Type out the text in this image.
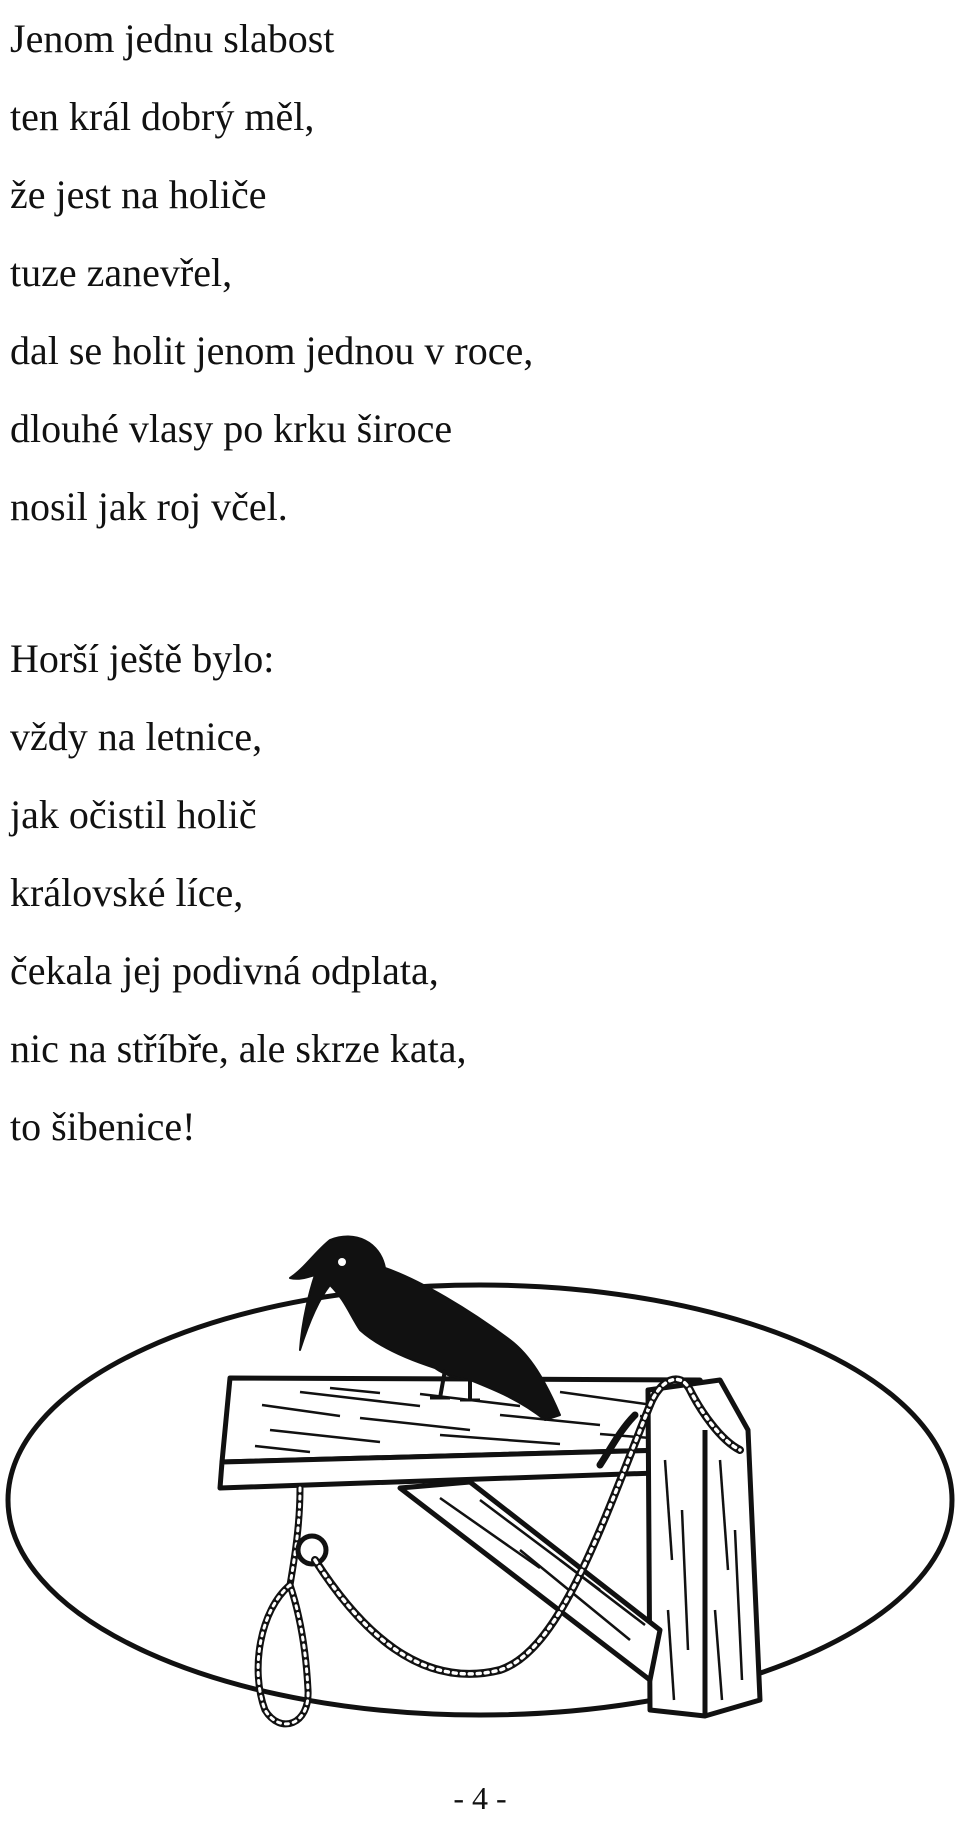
Jenom jednu slabost
ten král dobrý měl,
že jest na holiče
tuze zanevřel,
dal se holit jenom jednou v roce,
dlouhé vlasy po krku široce
nosil jak roj včel.
Horší ještě bylo:
vždy na letnice,
jak očistil holič
královské líce,
čekala jej podivná odplata,
nic na stříbře, ale skrze kata,
to šibenice!
- 4 -
